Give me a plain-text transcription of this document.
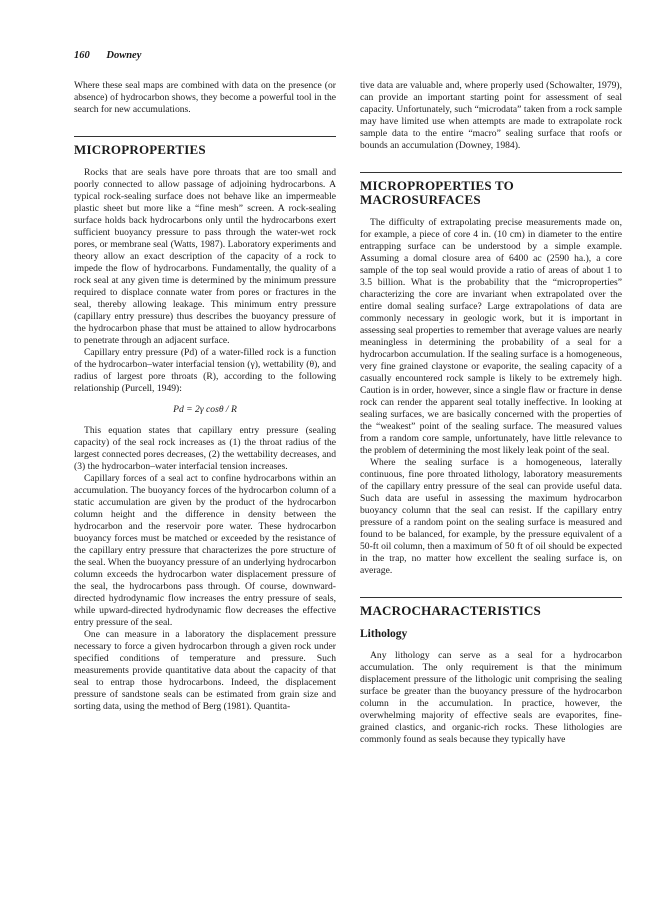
160 Downey

Where these seal maps are combined with data on the presence (or absence) of hydrocarbon shows, they become a powerful tool in the search for new accumulations.

MICROPROPERTIES

Rocks that are seals have pore throats that are too small and poorly connected to allow passage of adjoining hydrocarbons. A typical rock-sealing surface does not behave like an impermeable plastic sheet but more like a “fine mesh” screen. A rock-sealing surface holds back hydrocarbons only until the hydrocarbons exert sufficient buoyancy pressure to pass through the water-wet rock pores, or membrane seal (Watts, 1987). Laboratory experiments and theory allow an exact description of the capacity of a rock to impede the flow of hydrocarbons. Fundamentally, the quality of a rock seal at any given time is determined by the minimum pressure required to displace connate water from pores or fractures in the seal, thereby allowing leakage. This minimum entry pressure (capillary entry pressure) thus describes the buoyancy pressure of the hydrocarbon phase that must be attained to allow hydrocarbons to penetrate through an adjacent surface.

Capillary entry pressure (Pd) of a water-filled rock is a function of the hydrocarbon–water interfacial tension (γ), wettability (θ), and radius of largest pore throats (R), according to the following relationship (Purcell, 1949):

Pd = 2γ cosθ / R

This equation states that capillary entry pressure (sealing capacity) of the seal rock increases as (1) the throat radius of the largest connected pores decreases, (2) the wettability decreases, and (3) the hydrocarbon–water interfacial tension increases.

Capillary forces of a seal act to confine hydrocarbons within an accumulation. The buoyancy forces of the hydrocarbon column of a static accumulation are given by the product of the hydrocarbon column height and the difference in density between the hydrocarbon and the reservoir pore water. These hydrocarbon buoyancy forces must be matched or exceeded by the resistance of the capillary entry pressure that characterizes the pore structure of the seal. When the buoyancy pressure of an underlying hydrocarbon column exceeds the hydrocarbon water displacement pressure of the seal, the hydrocarbons pass through. Of course, downward-directed hydrodynamic flow increases the entry pressure of seals, while upward-directed hydrodynamic flow decreases the effective entry pressure of the seal.

One can measure in a laboratory the displacement pressure necessary to force a given hydrocarbon through a given rock under specified conditions of temperature and pressure. Such measurements provide quantitative data about the capacity of that seal to entrap those hydrocarbons. Indeed, the displacement pressure of sandstone seals can be estimated from grain size and sorting data, using the method of Berg (1981). Quantita-

tive data are valuable and, where properly used (Schowalter, 1979), can provide an important starting point for assessment of seal capacity. Unfortunately, such “microdata” taken from a rock sample may have limited use when attempts are made to extrapolate rock sample data to the entire “macro” sealing surface that roofs or bounds an accumulation (Downey, 1984).

MICROPROPERTIES TO MACROSURFACES

The difficulty of extrapolating precise measurements made on, for example, a piece of core 4 in. (10 cm) in diameter to the entire entrapping surface can be understood by a simple example. Assuming a domal closure area of 6400 ac (2590 ha.), a core sample of the top seal would provide a ratio of areas of about 1 to 3.5 billion. What is the probability that the “microproperties” characterizing the core are invariant when extrapolated over the entire domal sealing surface? Large extrapolations of data are commonly necessary in geologic work, but it is important in assessing seal properties to remember that average values are nearly meaningless in determining the probability of a seal for a hydrocarbon accumulation. If the sealing surface is a homogeneous, very fine grained claystone or evaporite, the sealing capacity of a casually encountered rock sample is likely to be extremely high. Caution is in order, however, since a single flaw or fracture in dense rock can render the apparent seal totally ineffective. In looking at sealing surfaces, we are basically concerned with the properties of the “weakest” point of the sealing surface. The measured values from a random core sample, unfortunately, have little relevance to the problem of determining the most likely leak point of the seal.

Where the sealing surface is a homogeneous, laterally continuous, fine pore throated lithology, laboratory measurements of the capillary entry pressure of the seal can provide useful data. Such data are useful in assessing the maximum hydrocarbon buoyancy column that the seal can resist. If the capillary entry pressure of a random point on the sealing surface is measured and found to be balanced, for example, by the pressure equivalent of a 50-ft oil column, then a maximum of 50 ft of oil should be expected in the trap, no matter how excellent the sealing surface is, on average.

MACROCHARACTERISTICS
Lithology

Any lithology can serve as a seal for a hydrocarbon accumulation. The only requirement is that the minimum displacement pressure of the lithologic unit comprising the sealing surface be greater than the buoyancy pressure of the hydrocarbon column in the accumulation. In practice, however, the overwhelming majority of effective seals are evaporites, fine-grained clastics, and organic-rich rocks. These lithologies are commonly found as seals because they typically have
